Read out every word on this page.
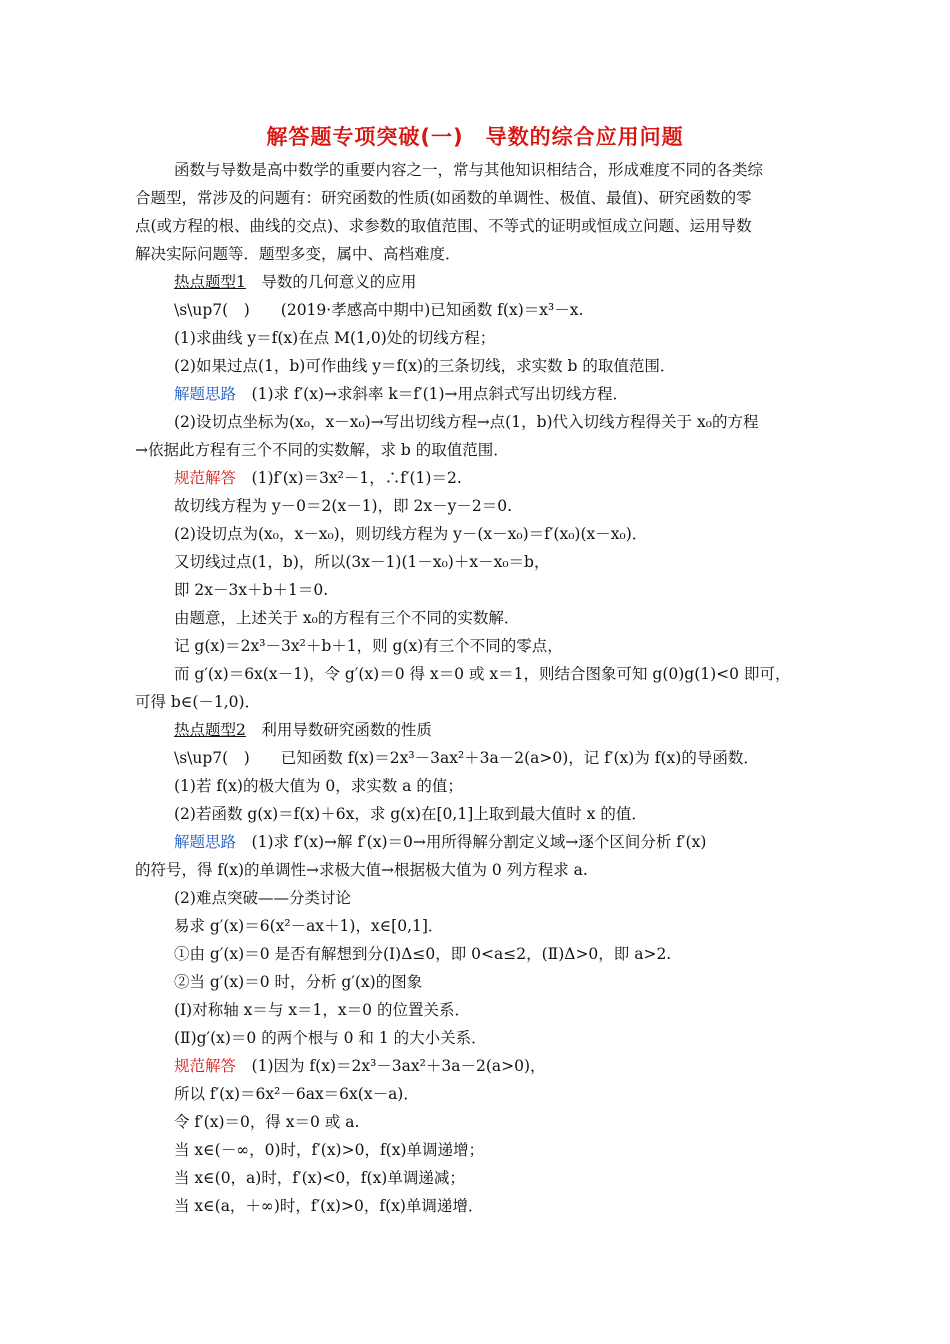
解答题专项突破(一)　导数的综合应用问题
函数与导数是高中数学的重要内容之一，常与其他知识相结合，形成难度不同的各类综
合题型，常涉及的问题有：研究函数的性质(如函数的单调性、极值、最值)、研究函数的零
点(或方程的根、曲线的交点)、求参数的取值范围、不等式的证明或恒成立问题、运用导数
解决实际问题等．题型多变，属中、高档难度．
热点题型1　 导数的几何意义的应用
\s\up7(　)　　 (2019·孝感高中期中)已知函数 f(x)＝x³－x.
(1)求曲线 y＝f(x)在点 M(1,0)处的切线方程；
(2)如果过点(1，b)可作曲线 y＝f(x)的三条切线，求实数 b 的取值范围．
解题思路　 (1)求 f′(x)→求斜率 k＝f′(1)→用点斜式写出切线方程．
(2)设切点坐标为(x₀，x－x₀)→写出切线方程→点(1，b)代入切线方程得关于 x₀的方程
→依据此方程有三个不同的实数解，求 b 的取值范围．
规范解答　 (1)f′(x)＝3x²－1，∴f′(1)＝2.
故切线方程为 y－0＝2(x－1)，即 2x－y－2＝0.
(2)设切点为(x₀，x－x₀)，则切线方程为 y－(x－x₀)＝f′(x₀)(x－x₀)．
又切线过点(1，b)，所以(3x－1)(1－x₀)＋x－x₀＝b，
即 2x－3x＋b＋1＝0.
由题意，上述关于 x₀的方程有三个不同的实数解．
记 g(x)＝2x³－3x²＋b＋1，则 g(x)有三个不同的零点，
而 g′(x)＝6x(x－1)，令 g′(x)＝0 得 x＝0 或 x＝1，则结合图象可知 g(0)g(1)<0 即可，
可得 b∈(－1,0)．
热点题型2　 利用导数研究函数的性质
\s\up7(　)　　 已知函数 f(x)＝2x³－3ax²＋3a－2(a>0)，记 f′(x)为 f(x)的导函数．
(1)若 f(x)的极大值为 0，求实数 a 的值；
(2)若函数 g(x)＝f(x)＋6x，求 g(x)在[0,1]上取到最大值时 x 的值．
解题思路　 (1)求 f′(x)→解 f′(x)＝0→用所得解分割定义域→逐个区间分析 f′(x)
的符号，得 f(x)的单调性→求极大值→根据极大值为 0 列方程求 a.
(2)难点突破——分类讨论
易求 g′(x)＝6(x²－ax＋1)，x∈[0,1]．
①由 g′(x)＝0 是否有解想到分(Ⅰ)Δ≤0，即 0<a≤2，(Ⅱ)Δ>0，即 a>2.
②当 g′(x)＝0 时，分析 g′(x)的图象
(Ⅰ)对称轴 x＝与 x＝1，x＝0 的位置关系．
(Ⅱ)g′(x)＝0 的两个根与 0 和 1 的大小关系．
规范解答　 (1)因为 f(x)＝2x³－3ax²＋3a－2(a>0)，
所以 f′(x)＝6x²－6ax＝6x(x－a)．
令 f′(x)＝0，得 x＝0 或 a.
当 x∈(－∞，0)时，f′(x)>0，f(x)单调递增；
当 x∈(0，a)时，f′(x)<0，f(x)单调递减；
当 x∈(a，＋∞)时，f′(x)>0，f(x)单调递增．
